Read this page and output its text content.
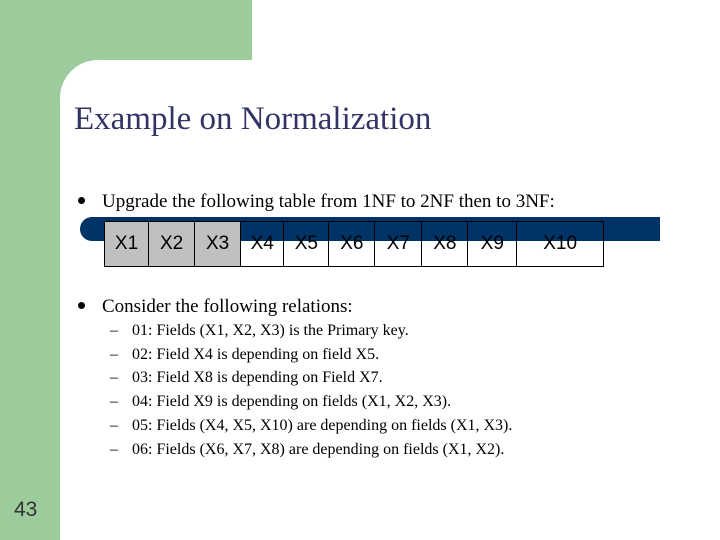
Example on Normalization
Upgrade the following table from 1NF to 2NF then to 3NF:
X1	X2	X3	X4	X5	X6	X7	X8	X9	X10
Consider the following relations:
– 01: Fields (X1, X2, X3) is the Primary key.
– 02: Field X4 is depending on field X5.
– 03: Field X8 is depending on Field X7.
– 04: Field X9 is depending on fields (X1, X2, X3).
– 05: Fields (X4, X5, X10) are depending on fields (X1, X3).
– 06: Fields (X6, X7, X8) are depending on fields (X1, X2).
43
